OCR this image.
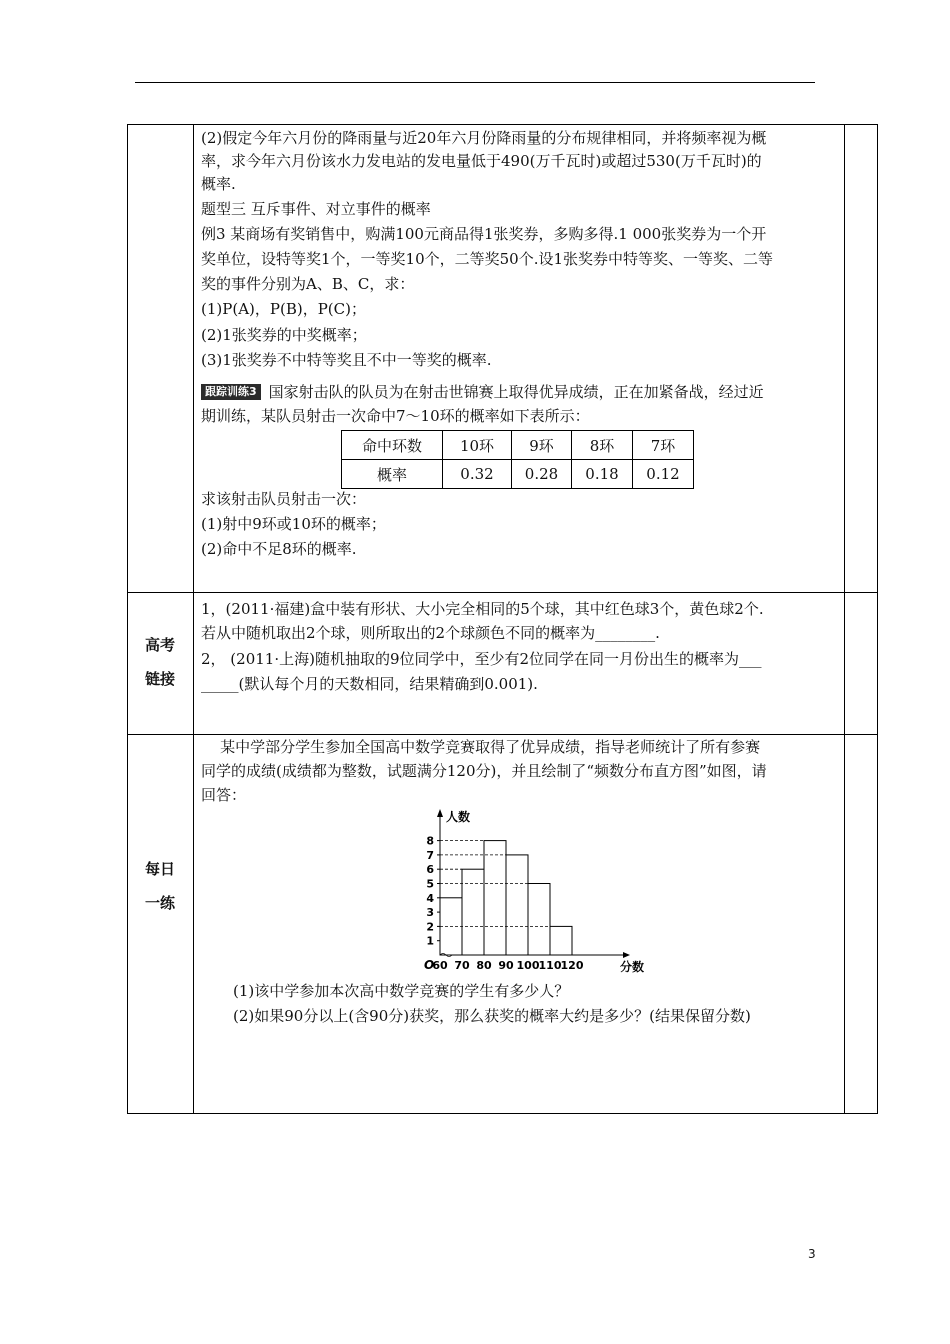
(2)假定今年六月份的降雨量与近20年六月份降雨量的分布规律相同，并将频率视为概
率，求今年六月份该水力发电站的发电量低于490(万千瓦时)或超过530(万千瓦时)的
概率.
题型三 互斥事件、对立事件的概率
例3 某商场有奖销售中，购满100元商品得1张奖券，多购多得.1 000张奖券为一个开
奖单位，设特等奖1个，一等奖10个，二等奖50个.设1张奖券中特等奖、一等奖、二等
奖的事件分别为A、B、C，求：
(1)P(A)，P(B)，P(C)；
(2)1张奖券的中奖概率；
(3)1张奖券不中特等奖且不中一等奖的概率.
跟踪训练3 国家射击队的队员为在射击世锦赛上取得优异成绩，正在加紧备战，经过近
期训练，某队员射击一次命中7～10环的概率如下表所示：
命中环数	10环	9环	8环	7环
概率	0.32	0.28	0.18	0.12
求该射击队员射击一次：
(1)射中9环或10环的概率；
(2)命中不足8环的概率.
高考
链接
1，(2011·福建)盒中装有形状、大小完全相同的5个球，其中红色球3个，黄色球2个.
若从中随机取出2个球，则所取出的2个球颜色不同的概率为________.
2， (2011·上海)随机抽取的9位同学中，至少有2位同学在同一月份出生的概率为___
_____(默认每个月的天数相同，结果精确到0.001).
每日
一练
某中学部分学生参加全国高中数学竞赛取得了优异成绩，指导老师统计了所有参赛
同学的成绩(成绩都为整数，试题满分120分)，并且绘制了“频数分布直方图”如图，请
回答：
1
2
3
4
5
6
7
8
60 70 80 90 100 110 120
O
人数
分数
(1)该中学参加本次高中数学竞赛的学生有多少人？
(2)如果90分以上(含90分)获奖，那么获奖的概率大约是多少？(结果保留分数)
3
